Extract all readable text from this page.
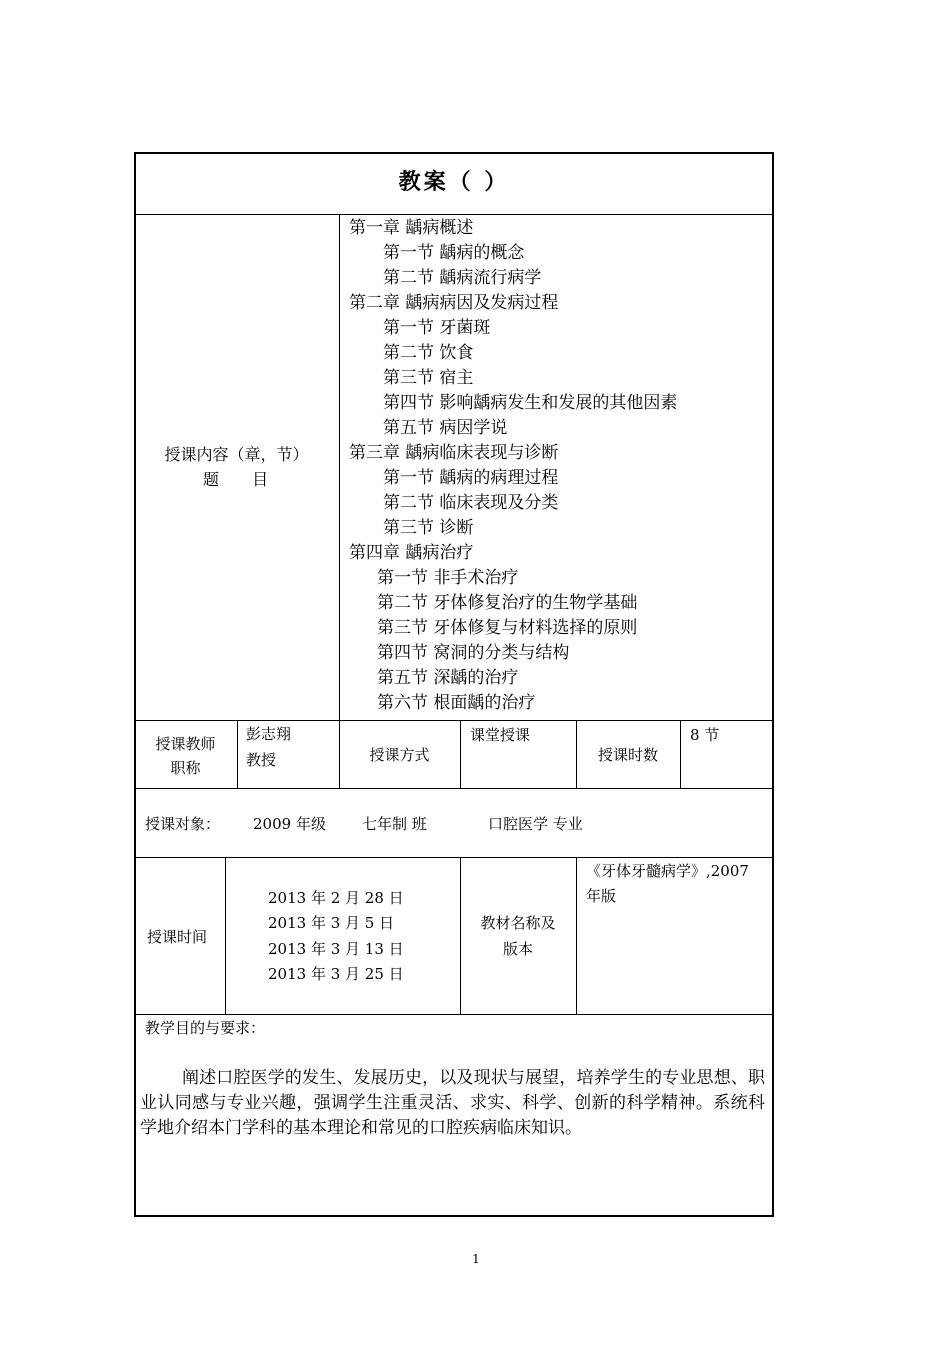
教案（ ）
授课内容（章，节）
题 目
第一章 龋病概述
第一节 龋病的概念
第二节 龋病流行病学
第二章 龋病病因及发病过程
第一节 牙菌斑
第二节 饮食
第三节 宿主
第四节 影响龋病发生和发展的其他因素
第五节 病因学说
第三章 龋病临床表现与诊断
第一节 龋病的病理过程
第二节 临床表现及分类
第三节 诊断
第四章 龋病治疗
第一节 非手术治疗
第二节 牙体修复治疗的生物学基础
第三节 牙体修复与材料选择的原则
第四节 窝洞的分类与结构
第五节 深龋的治疗
第六节 根面龋的治疗
授课教师
职称
彭志翔
教授	授课方式
课堂授课
授课时数
8 节
授课对象： 2009 年级 七年制 班	口腔医学 专业
授课时间
2013 年 2 月 28 日
2013 年 3 月 5 日
2013 年 3 月 13 日
2013 年 3 月 25 日
教材名称及
版本
《牙体牙髓病学》,2007
年版
教学目的与要求：
阐述口腔医学的发生、发展历史，以及现状与展望，培养学生的专业思想、职业认同感与专业兴趣，强调学生注重灵活、求实、科学、创新的科学精神。系统科学地介绍本门学科的基本理论和常见的口腔疾病临床知识。
1
